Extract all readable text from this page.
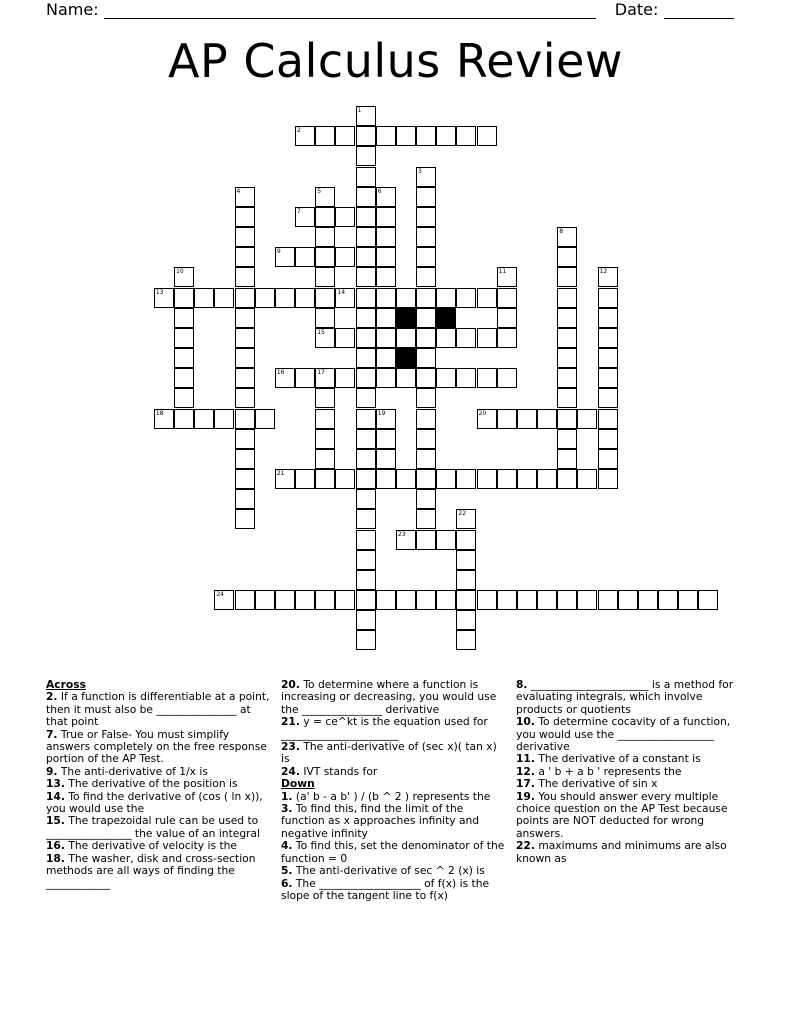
Name:	Date:
AP Calculus Review
1
2
3
4	5
15
6
7
8
9
10	11	12
13	14
16	17
18	19	20
21
22
23
24

Across

2. If a function is differentiable at a point, then it must also be _______________ at that point

7. True or False- You must simplify answers completely on the free response portion of the AP Test.

9. The anti-derivative of 1/x is

13. The derivative of the position is

14. To find the derivative of (cos ( ln x)), you would use the

15. The trapezoidal rule can be used to ________________ the value of an integral

16. The derivative of velocity is the

18. The washer, disk and cross-section methods are all ways of finding the ____________

20. To determine where a function is increasing or decreasing, you would use the _______________ derivative

21. y = ce^kt is the equation used for ______________________

23. The anti-derivative of (sec x)( tan x) is

24. IVT stands for

Down

1. (a' b - a b' ) / (b ^ 2 ) represents the

3. To find this, find the limit of the function as x approaches infinity and negative infinity

4. To find this, set the denominator of the function = 0

5. The anti-derivative of sec ^ 2 (x) is

6. The ___________________ of f(x) is the slope of the tangent line to f(x)

8. ______________________ is a method for evaluating integrals, which involve products or quotients

10. To determine cocavity of a function, you would use the __________________ derivative

11. The derivative of a constant is

12. a ' b + a b ' represents the

17. The derivative of sin x

19. You should answer every multiple choice question on the AP Test because points are NOT deducted for wrong answers.

22. maximums and minimums are also known as
